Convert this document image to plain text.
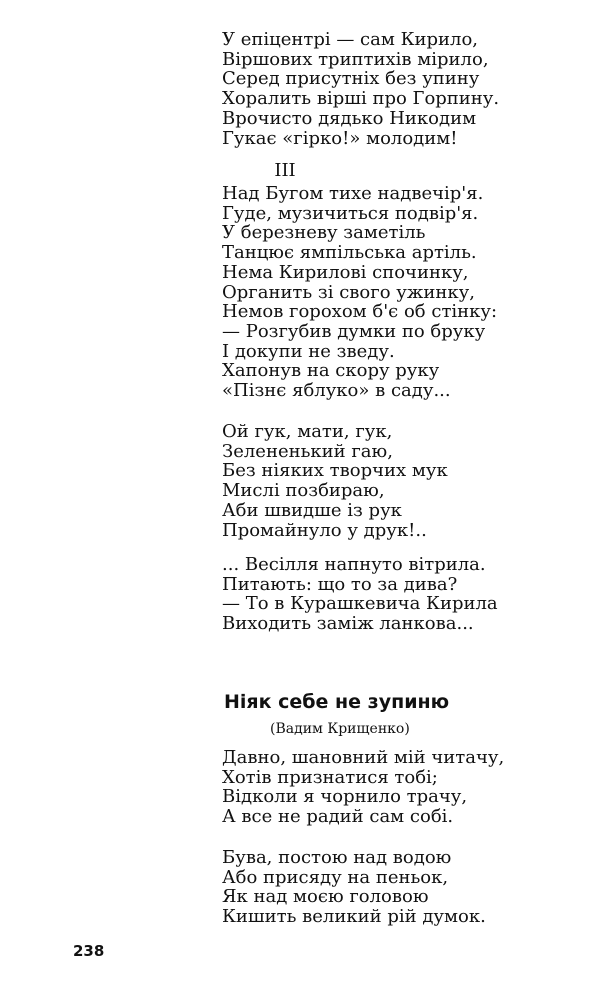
У епіцентрі — сам Кирило,
Віршових триптихів мірило,
Серед присутніх без упину
Хоралить вірші про Горпину.
Врочисто дядько Никодим
Гукає «гірко!» молодим!
III
Над Бугом тихе надвечір'я.
Гуде, музичиться подвір'я.
У березневу заметіль
Танцює ямпільська артіль.
Нема Кирилові спочинку,
Органить зі свого ужинку,
Немов горохом б'є об стінку:
— Розгубив думки по бруку
І докупи не зведу.
Хапонув на скору руку
«Пізнє яблуко» в саду...
Ой гук, мати, гук,
Зелененький гаю,
Без ніяких творчих мук
Мислі позбираю,
Аби швидше із рук
Промайнуло у друк!..
... Весілля напнуто вітрила.
Питають: що то за дива?
— То в Курашкевича Кирила
Виходить заміж ланкова...
Ніяк себе не зупиню
(Вадим Крищенко)
Давно, шановний мій читачу,
Хотів признатися тобі;
Відколи я чорнило трачу,
А все не радий сам собі.
Бува, постою над водою
Або присяду на пеньок,
Як над моєю головою
Кишить великий рій думок.
238
